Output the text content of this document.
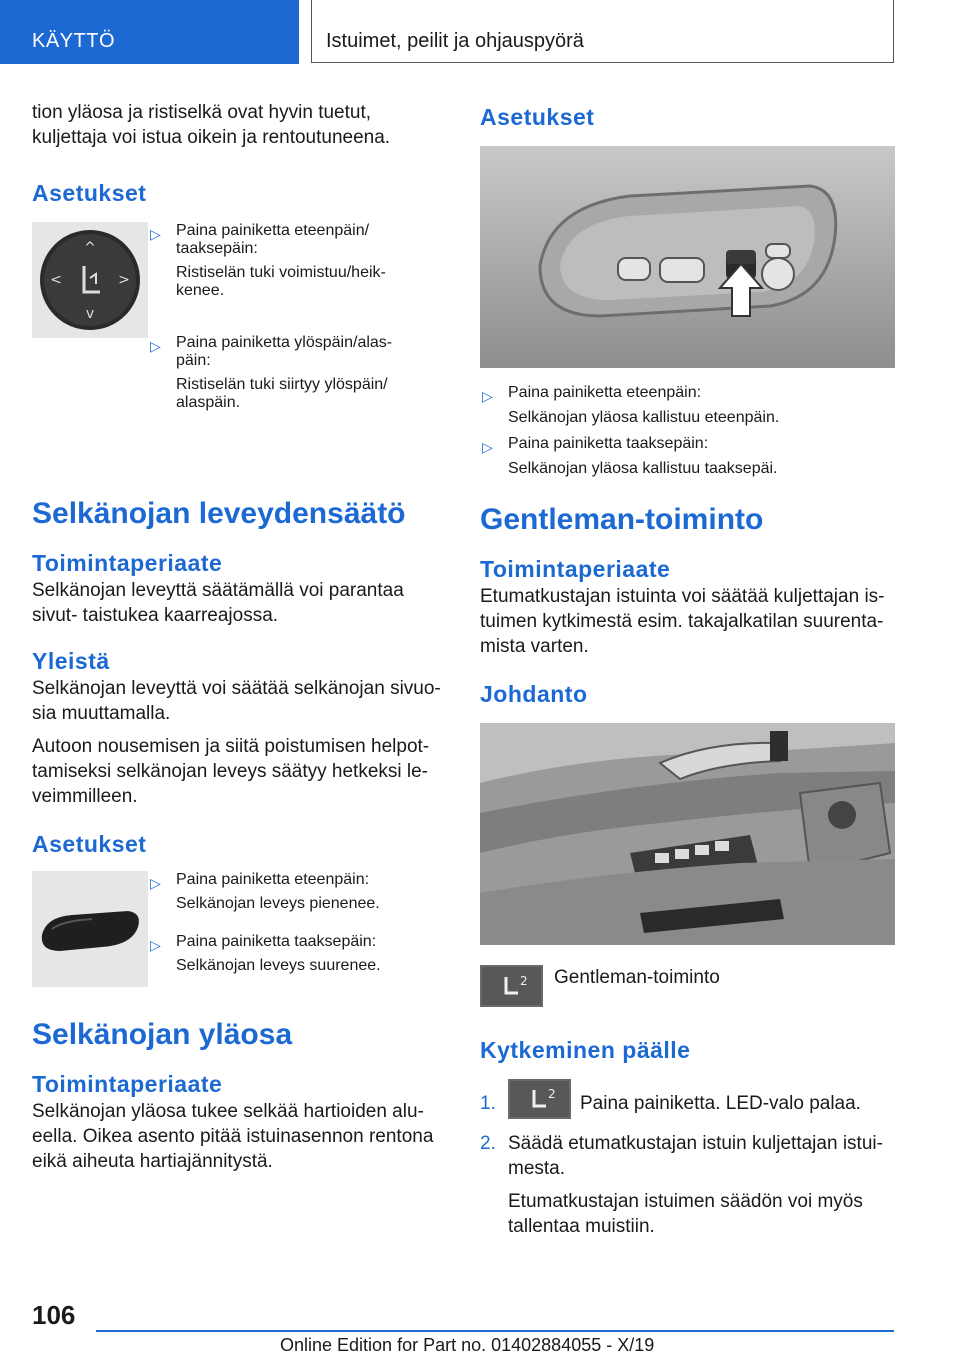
KÄYTTÖ	Istuimet, peilit ja ohjauspyörä

tion yläosa ja ristiselkä ovat hyvin tuetut, kuljettaja voi istua oikein ja rentoutuneena.

Asetukset
^
v
<	>
▷ Paina painiketta eteenpäin/ taaksepäin:
Ristiselän tuki voimistuu/heik- kenee.
▷ Paina painiketta ylöspäin/alas- päin:
Ristiselän tuki siirtyy ylöspäin/ alaspäin.
Selkänojan leveydensäätö
Toimintaperiaate

Selkänojan leveyttä säätämällä voi parantaa sivut- taistukea kaarreajossa.

Yleistä

Selkänojan leveyttä voi säätää selkänojan sivuo- sia muuttamalla.

Autoon nousemisen ja siitä poistumisen helpot- tamiseksi selkänojan leveys säätyy hetkeksi le- veimmilleen.

Asetukset
▷ Paina painiketta eteenpäin:
Selkänojan leveys pienenee.
▷ Paina painiketta taaksepäin:
Selkänojan leveys suurenee.
Selkänojan yläosa
Toimintaperiaate

Selkänojan yläosa tukee selkää hartioiden alu- eella. Oikea asento pitää istuinasennon rentona eikä aiheuta hartiajännitystä.

Asetukset
▷ Paina painiketta eteenpäin:
Selkänojan yläosa kallistuu eteenpäin.
▷ Paina painiketta taaksepäin:
Selkänojan yläosa kallistuu taaksepäi.
Gentleman-toiminto
Toimintaperiaate

Etumatkustajan istuinta voi säätää kuljettajan is- tuimen kytkimestä esim. takajalkatilan suurenta- mista varten.

Johdanto
2 Gentleman-toiminto
Kytkeminen päälle
1.	2 Paina painiketta. LED-valo palaa.
2. Säädä etumatkustajan istuin kuljettajan istui- mesta.

Etumatkustajan istuimen säädön voi myös tallentaa muistiin.

106
Online Edition for Part no. 01402884055 - X/19
